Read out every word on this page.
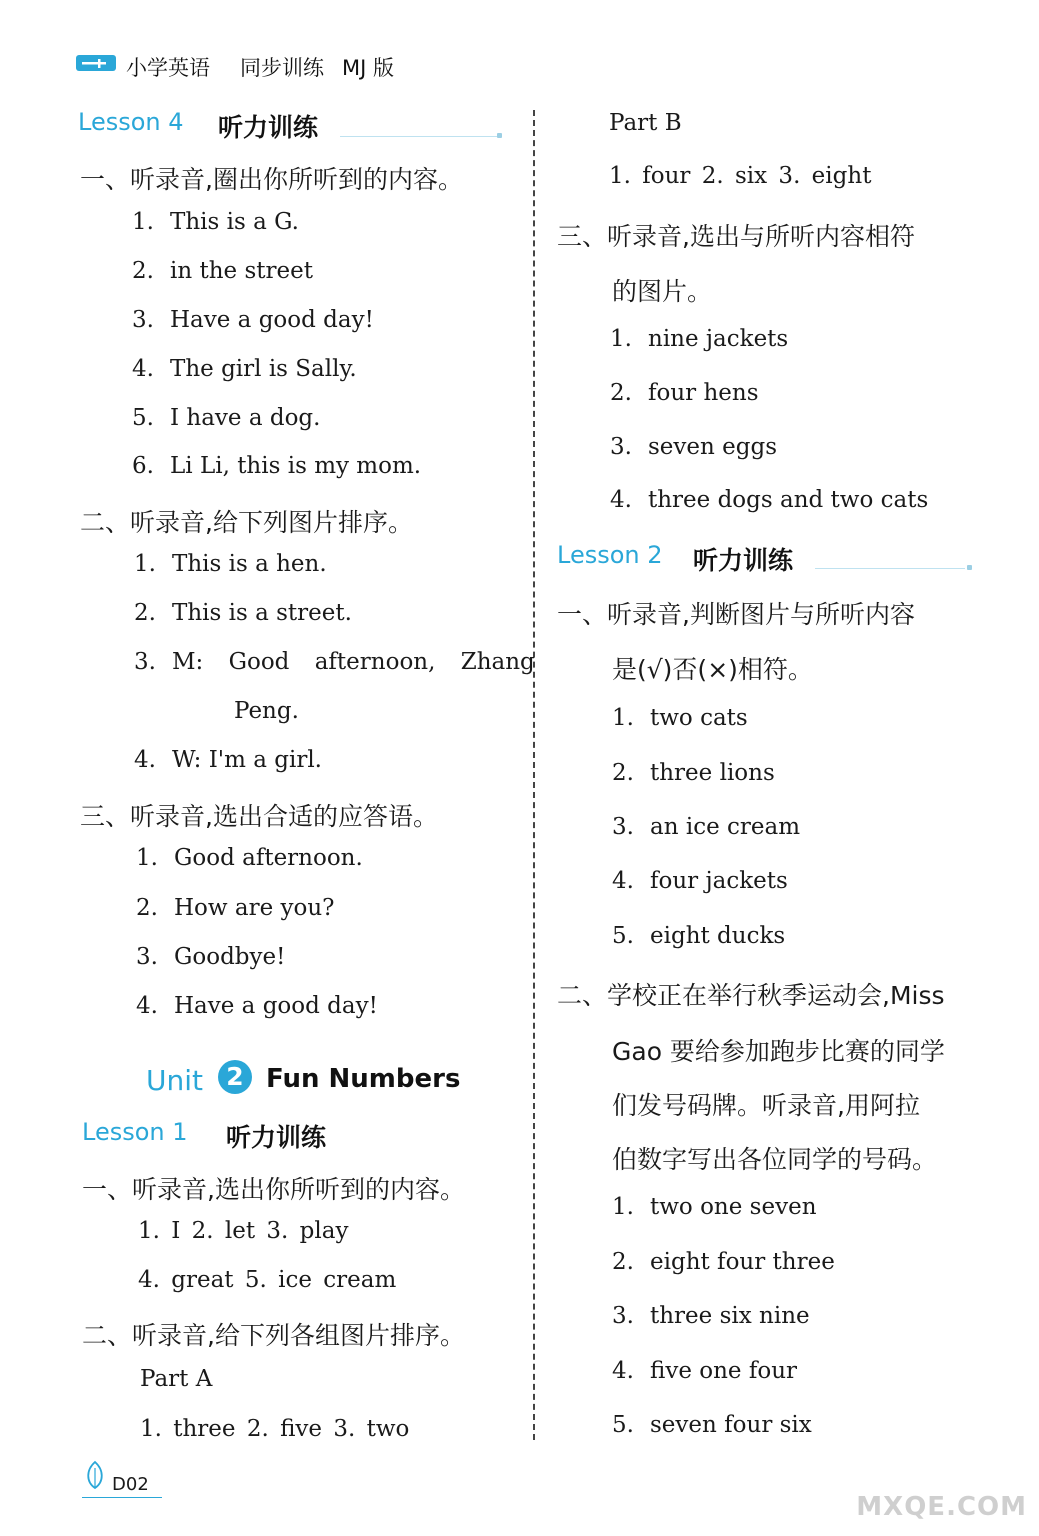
小学英语 同步训练 MJ 版
Lesson 4 听力训练
一、听录音,圈出你所听到的内容。
1. This is a G.
2. in the street
3. Have a good day!
4. The girl is Sally.
5. I have a dog.
6. Li Li, this is my mom.
二、听录音,给下列图片排序。
1. This is a hen.
2. This is a street.
3. M: Good afternoon, Zhang
Peng.
4. W: I'm a girl.
三、听录音,选出合适的应答语。
1. Good afternoon.
2. How are you?
3. Goodbye!
4. Have a good day!
Unit 2 Fun Numbers
Lesson 1 听力训练
一、听录音,选出你所听到的内容。
1. I 2. let 3. play
4. great 5. ice cream
二、听录音,给下列各组图片排序。
Part A
1. three 2. five 3. two
Part B
1. four 2. six 3. eight
三、听录音,选出与所听内容相符
的图片。
1. nine jackets
2. four hens
3. seven eggs
4. three dogs and two cats
Lesson 2 听力训练
一、听录音,判断图片与所听内容
是(√)否(×)相符。
1. two cats
2. three lions
3. an ice cream
4. four jackets
5. eight ducks
二、学校正在举行秋季运动会,Miss
Gao 要给参加跑步比赛的同学
们发号码牌。听录音,用阿拉
伯数字写出各位同学的号码。
1. two one seven
2. eight four three
3. three six nine
4. five one four
5. seven four six
D02
MXQE.COM
